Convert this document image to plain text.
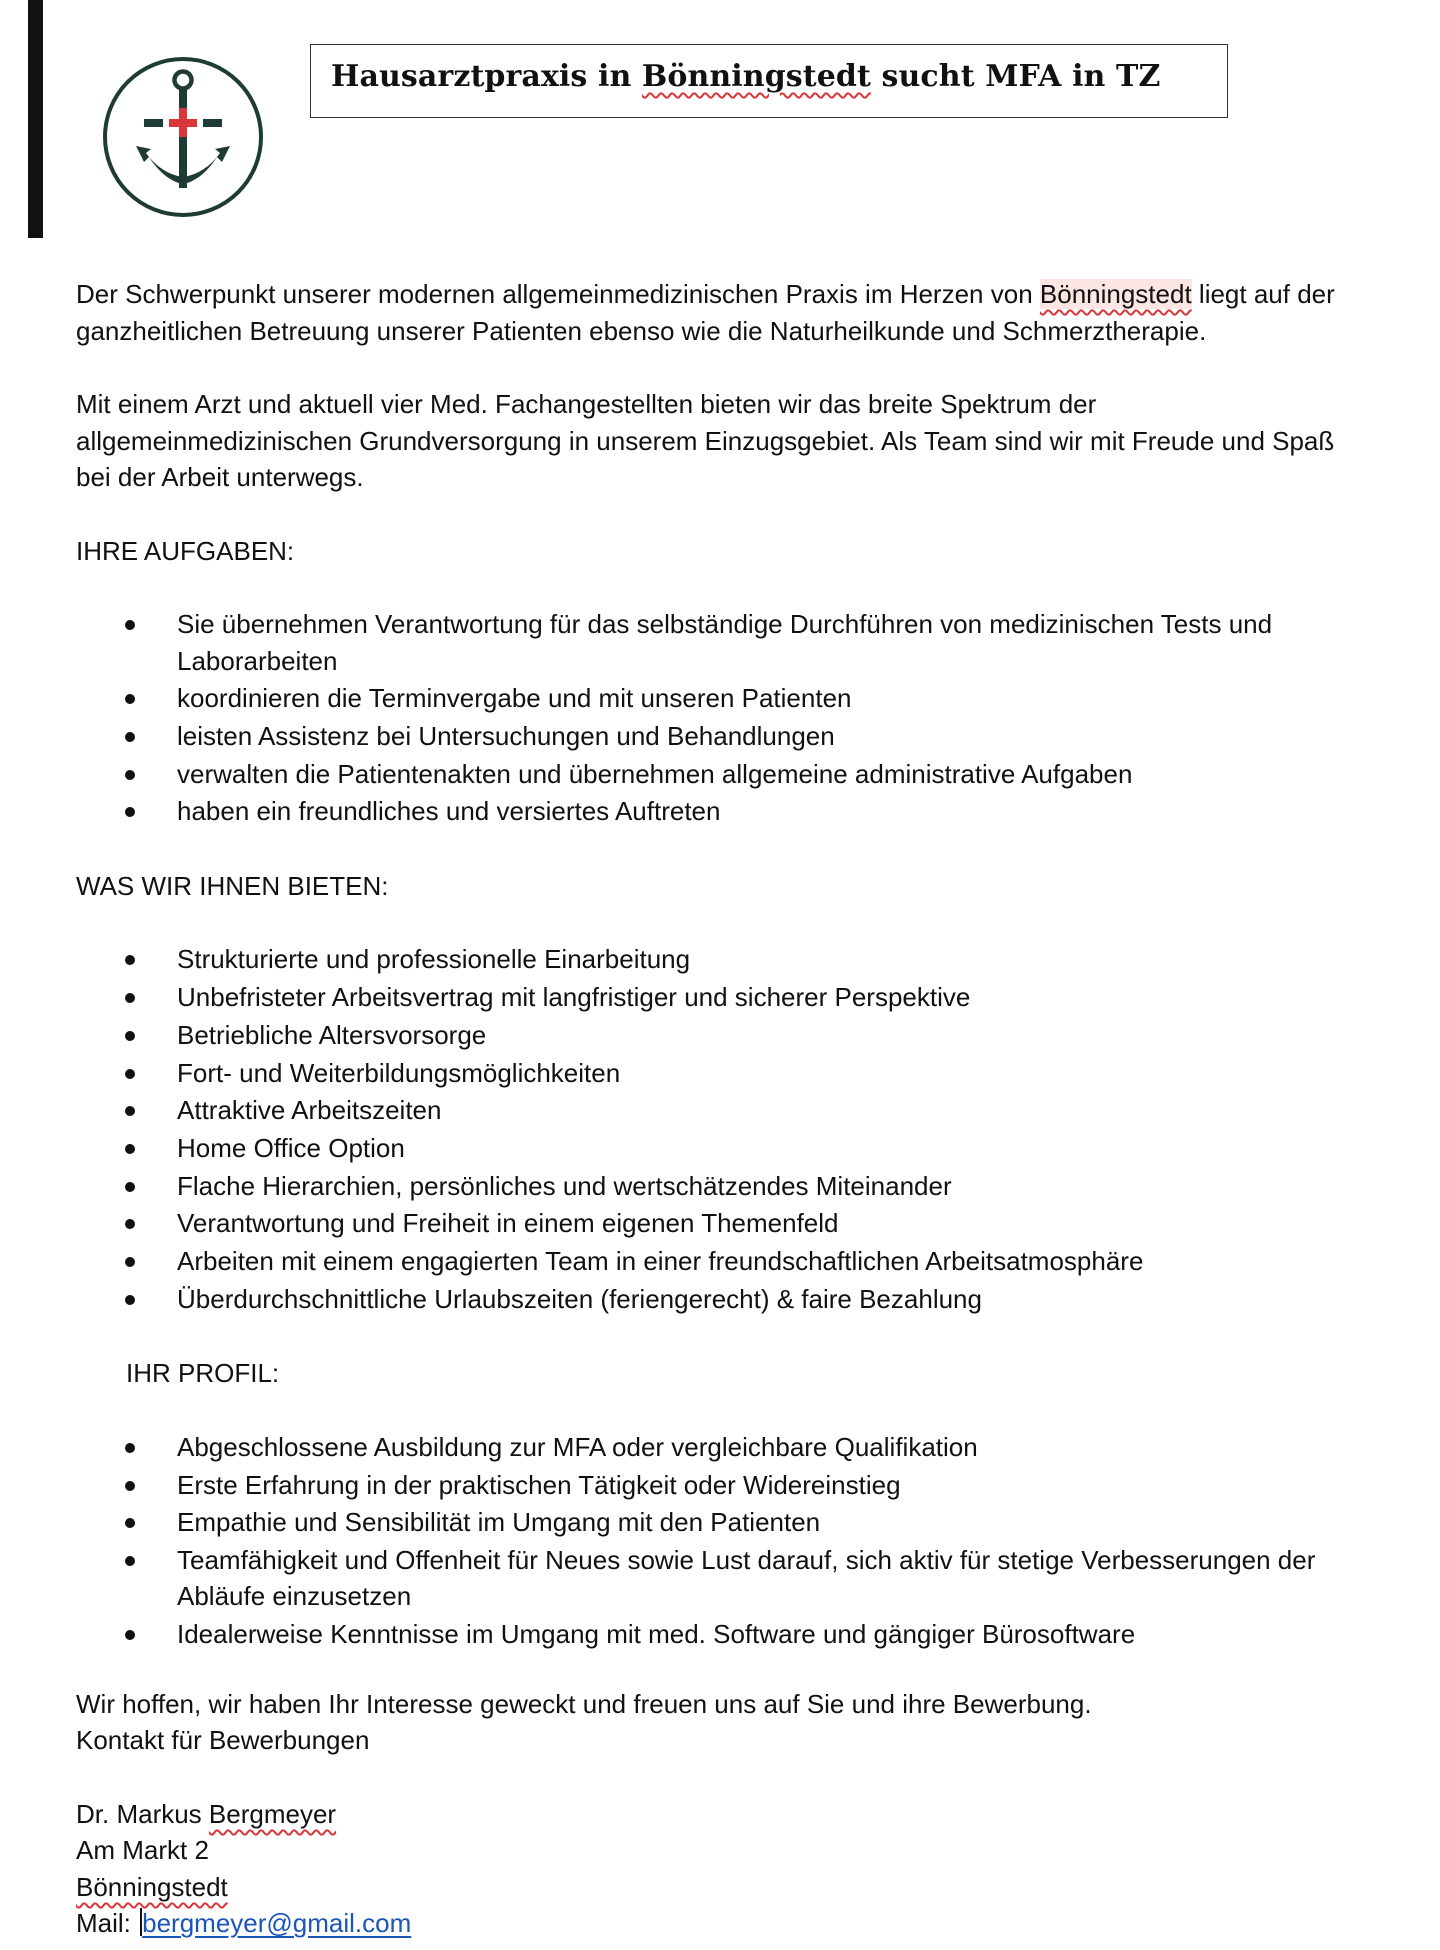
Hausarztpraxis in Bönningstedt sucht MFA in TZ

Der Schwerpunkt unserer modernen allgemeinmedizinischen Praxis im Herzen von Bönningstedt liegt auf der ganzheitlichen Betreuung unserer Patienten ebenso wie die Naturheilkunde und Schmerztherapie.

Mit einem Arzt und aktuell vier Med. Fachangestellten bieten wir das breite Spektrum der allgemeinmedizinischen Grundversorgung in unserem Einzugsgebiet. Als Team sind wir mit Freude und Spaß bei der Arbeit unterwegs.

IHRE AUFGABEN:

Sie übernehmen Verantwortung für das selbständige Durchführen von medizinischen Tests und Laborarbeiten
koordinieren die Terminvergabe und mit unseren Patienten
leisten Assistenz bei Untersuchungen und Behandlungen
verwalten die Patientenakten und übernehmen allgemeine administrative Aufgaben
haben ein freundliches und versiertes Auftreten

WAS WIR IHNEN BIETEN:

Strukturierte und professionelle Einarbeitung
Unbefristeter Arbeitsvertrag mit langfristiger und sicherer Perspektive
Betriebliche Altersvorsorge
Fort- und Weiterbildungsmöglichkeiten
Attraktive Arbeitszeiten
Home Office Option
Flache Hierarchien, persönliches und wertschätzendes Miteinander
Verantwortung und Freiheit in einem eigenen Themenfeld
Arbeiten mit einem engagierten Team in einer freundschaftlichen Arbeitsatmosphäre
Überdurchschnittliche Urlaubszeiten (feriengerecht) & faire Bezahlung

IHR PROFIL:

Abgeschlossene Ausbildung zur MFA oder vergleichbare Qualifikation
Erste Erfahrung in der praktischen Tätigkeit oder Widereinstieg
Empathie und Sensibilität im Umgang mit den Patienten
Teamfähigkeit und Offenheit für Neues sowie Lust darauf, sich aktiv für stetige Verbesserungen der Abläufe einzusetzen
Idealerweise Kenntnisse im Umgang mit med. Software und gängiger Bürosoftware

Wir hoffen, wir haben Ihr Interesse geweckt und freuen uns auf Sie und ihre Bewerbung.

Kontakt für Bewerbungen

Dr. Markus Bergmeyer

Am Markt 2

Bönningstedt

Mail: bergmeyer@gmail.com
